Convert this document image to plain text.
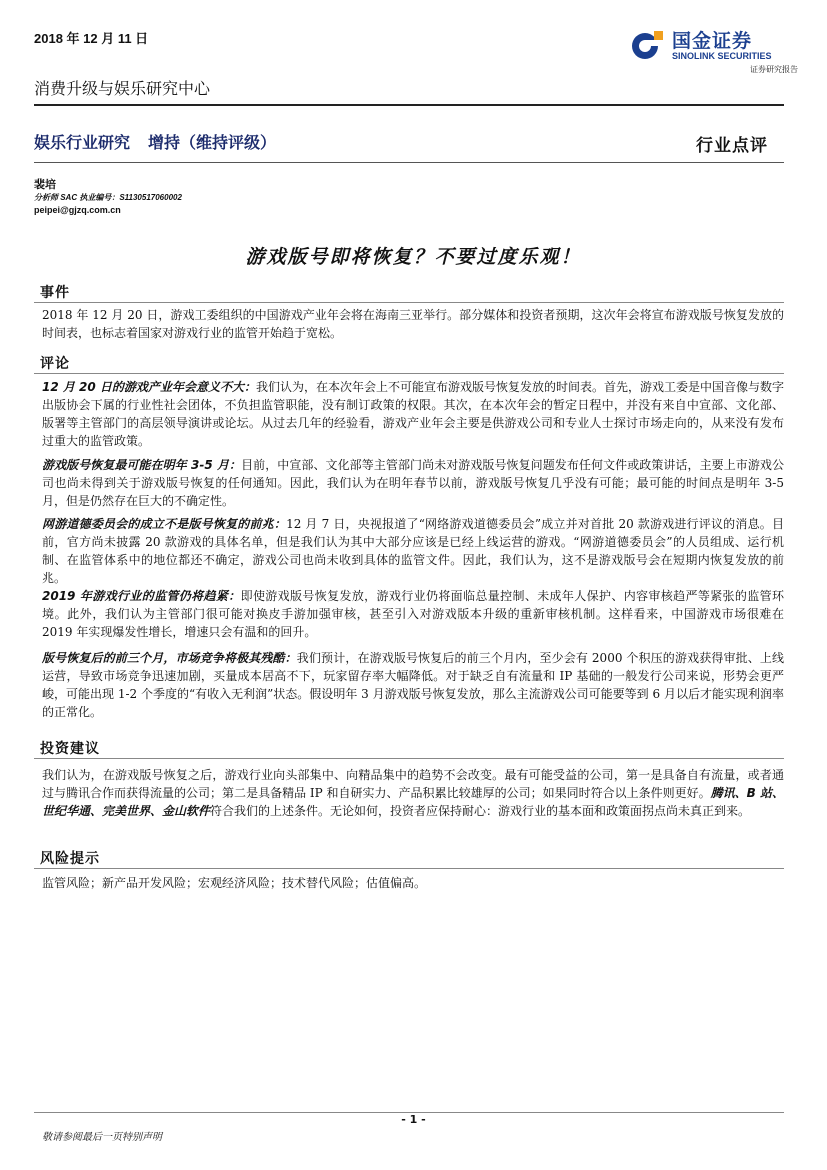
2018 年 12 月 11 日	国金证券
SINOLINK SECURITIES
证券研究报告
消费升级与娱乐研究中心
娱乐行业研究 增持（维持评级）	行业点评
裴培
分析师 SAC 执业编号：S1130517060002
peipei@gjzq.com.cn
游戏版号即将恢复？不要过度乐观！
事件
2018 年 12 月 20 日，游戏工委组织的中国游戏产业年会将在海南三亚举行。部分媒体和投资者预期，这次年会将宣布游戏版号恢复发放的时间表，也标志着国家对游戏行业的监管开始趋于宽松。
评论
12 月 20 日的游戏产业年会意义不大：我们认为，在本次年会上不可能宣布游戏版号恢复发放的时间表。首先，游戏工委是中国音像与数字出版协会下属的行业性社会团体，不负担监管职能，没有制订政策的权限。其次，在本次年会的暂定日程中，并没有来自中宣部、文化部、版署等主管部门的高层领导演讲或论坛。从过去几年的经验看，游戏产业年会主要是供游戏公司和专业人士探讨市场走向的，从来没有发布过重大的监管政策。
游戏版号恢复最可能在明年 3-5 月：目前，中宣部、文化部等主管部门尚未对游戏版号恢复问题发布任何文件或政策讲话，主要上市游戏公司也尚未得到关于游戏版号恢复的任何通知。因此，我们认为在明年春节以前，游戏版号恢复几乎没有可能；最可能的时间点是明年 3-5 月，但是仍然存在巨大的不确定性。
网游道德委员会的成立不是版号恢复的前兆：12 月 7 日，央视报道了“网络游戏道德委员会”成立并对首批 20 款游戏进行评议的消息。目前，官方尚未披露 20 款游戏的具体名单，但是我们认为其中大部分应该是已经上线运营的游戏。“网游道德委员会”的人员组成、运行机制、在监管体系中的地位都还不确定，游戏公司也尚未收到具体的监管文件。因此，我们认为，这不是游戏版号会在短期内恢复发放的前兆。
2019 年游戏行业的监管仍将趋紧：即使游戏版号恢复发放，游戏行业仍将面临总量控制、未成年人保护、内容审核趋严等紧张的监管环境。此外，我们认为主管部门很可能对换皮手游加强审核，甚至引入对游戏版本升级的重新审核机制。这样看来，中国游戏市场很难在 2019 年实现爆发性增长，增速只会有温和的回升。
版号恢复后的前三个月，市场竞争将极其残酷：我们预计，在游戏版号恢复后的前三个月内，至少会有 2000 个积压的游戏获得审批、上线运营，导致市场竞争迅速加剧，买量成本居高不下，玩家留存率大幅降低。对于缺乏自有流量和 IP 基础的一般发行公司来说，形势会更严峻，可能出现 1-2 个季度的“有收入无利润”状态。假设明年 3 月游戏版号恢复发放，那么主流游戏公司可能要等到 6 月以后才能实现利润率的正常化。
投资建议
我们认为，在游戏版号恢复之后，游戏行业向头部集中、向精品集中的趋势不会改变。最有可能受益的公司，第一是具备自有流量，或者通过与腾讯合作而获得流量的公司；第二是具备精品 IP 和自研实力、产品积累比较雄厚的公司；如果同时符合以上条件则更好。腾讯、B 站、世纪华通、完美世界、金山软件符合我们的上述条件。无论如何，投资者应保持耐心：游戏行业的基本面和政策面拐点尚未真正到来。
风险提示
监管风险；新产品开发风险；宏观经济风险；技术替代风险；估值偏高。
- 1 -
敬请参阅最后一页特别声明
